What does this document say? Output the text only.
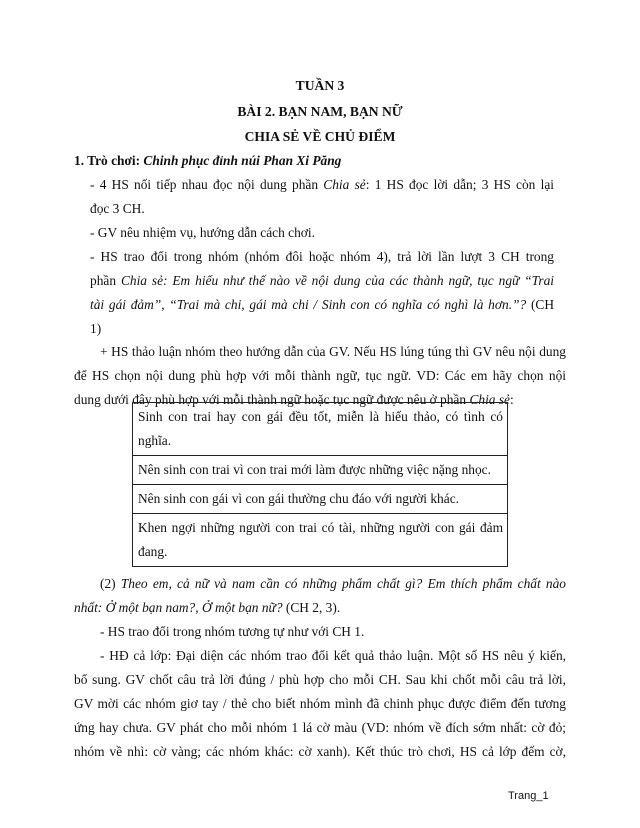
TUẦN 3
BÀI 2. BẠN NAM, BẠN NỮ
CHIA SẺ VỀ CHỦ ĐIỂM
1. Trò chơi: Chinh phục đỉnh núi Phan Xi Păng
- 4 HS nối tiếp nhau đọc nội dung phần Chia sẻ: 1 HS đọc lời dẫn; 3 HS còn lại
đọc 3 CH.
- GV nêu nhiệm vụ, hướng dẫn cách chơi.
- HS trao đổi trong nhóm (nhóm đôi hoặc nhóm 4), trả lời lần lượt 3 CH trong
phần Chia sẻ: Em hiểu như thế nào về nội dung của các thành ngữ, tục ngữ “Trai
tài gái đảm”, “Trai mà chi, gái mà chi / Sinh con có nghĩa có nghì là hơn.”? (CH
1)
+ HS thảo luận nhóm theo hướng dẫn của GV. Nếu HS lúng túng thì GV nêu nội dung
để HS chọn nội dung phù hợp với mỗi thành ngữ, tục ngữ. VD: Các em hãy chọn nội
dung dưới đây phù hợp với mỗi thành ngữ hoặc tục ngữ được nêu ở phần Chia sẻ:
Sinh con trai hay con gái đều tốt, miễn là hiếu thảo, có tình có nghĩa.
Nên sinh con trai vì con trai mới làm được những việc nặng nhọc.
Nên sinh con gái vì con gái thường chu đáo với người khác.
Khen ngợi những người con trai có tài, những người con gái đảm đang.
(2) Theo em, cả nữ và nam cần có những phẩm chất gì? Em thích phẩm chất nào
nhất: Ở một bạn nam?, Ở một bạn nữ? (CH 2, 3).
- HS trao đổi trong nhóm tương tự như với CH 1.
- HĐ cả lớp: Đại diện các nhóm trao đổi kết quả thảo luận. Một số HS nêu ý kiến,
bổ sung. GV chốt câu trả lời đúng / phù hợp cho mỗi CH. Sau khi chốt mỗi câu trả lời,
GV mời các nhóm giơ tay / thẻ cho biết nhóm mình đã chinh phục được điểm đến tương
ứng hay chưa. GV phát cho mỗi nhóm 1 lá cờ màu (VD: nhóm về đích sớm nhất: cờ đỏ;
nhóm về nhì: cờ vàng; các nhóm khác: cờ xanh). Kết thúc trò chơi, HS cả lớp đếm cờ,
Trang_1
